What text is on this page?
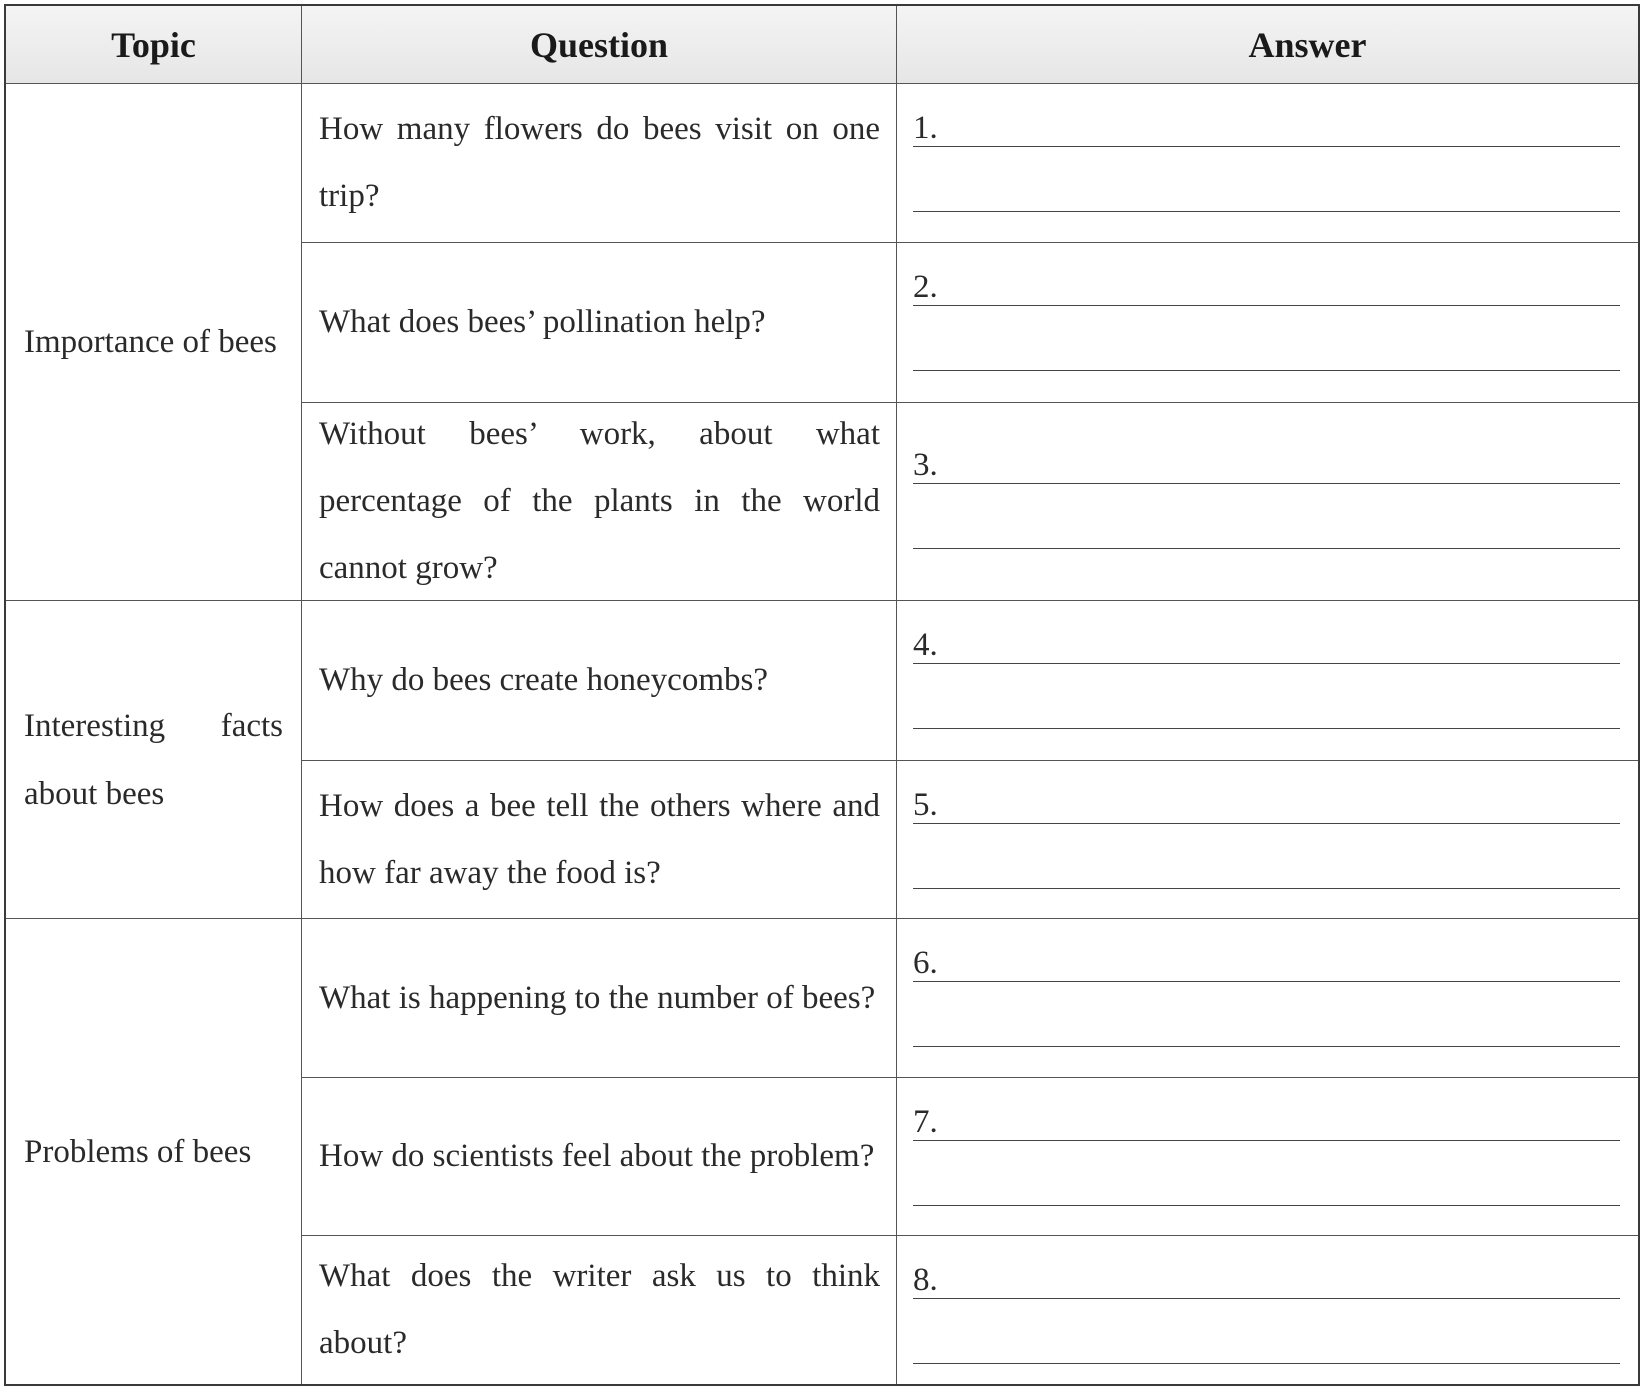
Topic	Question	Answer
Importance of bees
Interesting facts about bees
Problems of bees
How many flowers do bees visit on one trip?
1.
What does bees’ pollination help?
2.
Without bees’ work, about what percentage of the plants in the world cannot grow?
3.
Why do bees create honeycombs?
4.
How does a bee tell the others where and how far away the food is?
5.
What is happening to the number of bees?
6.
How do scientists feel about the problem?
7.
What does the writer ask us to think about?
8.
